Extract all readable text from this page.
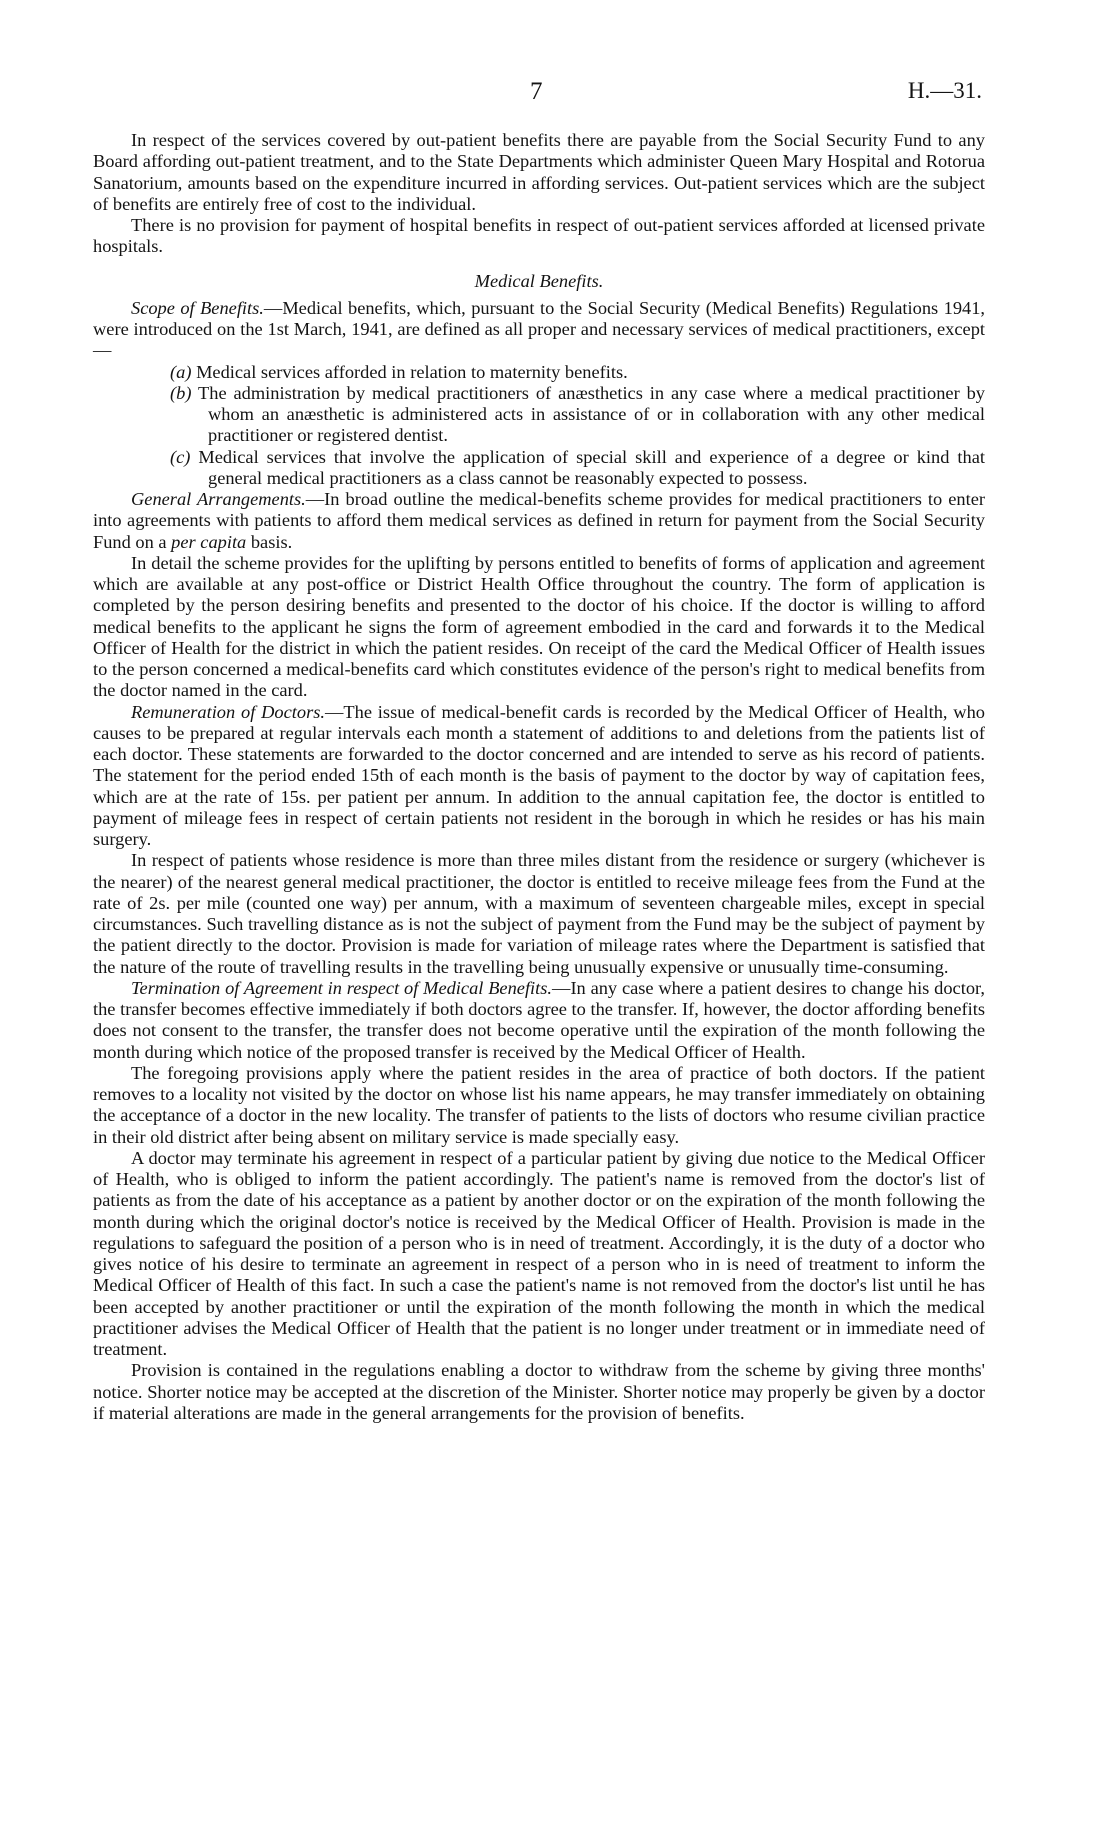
7	H.—31.

In respect of the services covered by out-patient benefits there are payable from the Social Security Fund to any Board affording out-patient treatment, and to the State Departments which administer Queen Mary Hospital and Rotorua Sanatorium, amounts based on the expenditure incurred in affording services. Out-patient services which are the subject of benefits are entirely free of cost to the individual.

There is no provision for payment of hospital benefits in respect of out-patient services afforded at licensed private hospitals.

Medical Benefits.

Scope of Benefits.—Medical benefits, which, pursuant to the Social Security (Medical Benefits) Regulations 1941, were introduced on the 1st March, 1941, are defined as all proper and necessary services of medical practitioners, except—

(a) Medical services afforded in relation to maternity benefits.

(b) The administration by medical practitioners of anæsthetics in any case where a medical practitioner by whom an anæsthetic is administered acts in assistance of or in collaboration with any other medical practitioner or registered dentist.

(c) Medical services that involve the application of special skill and experience of a degree or kind that general medical practitioners as a class cannot be reasonably expected to possess.

General Arrangements.—In broad outline the medical-benefits scheme provides for medical practitioners to enter into agreements with patients to afford them medical services as defined in return for payment from the Social Security Fund on a per capita basis.

In detail the scheme provides for the uplifting by persons entitled to benefits of forms of application and agreement which are available at any post-office or District Health Office throughout the country. The form of application is completed by the person desiring benefits and presented to the doctor of his choice. If the doctor is willing to afford medical benefits to the applicant he signs the form of agreement embodied in the card and forwards it to the Medical Officer of Health for the district in which the patient resides. On receipt of the card the Medical Officer of Health issues to the person concerned a medical-benefits card which constitutes evidence of the person's right to medical benefits from the doctor named in the card.

Remuneration of Doctors.—The issue of medical-benefit cards is recorded by the Medical Officer of Health, who causes to be prepared at regular intervals each month a statement of additions to and deletions from the patients list of each doctor. These statements are forwarded to the doctor concerned and are intended to serve as his record of patients. The statement for the period ended 15th of each month is the basis of payment to the doctor by way of capitation fees, which are at the rate of 15s. per patient per annum. In addition to the annual capitation fee, the doctor is entitled to payment of mileage fees in respect of certain patients not resident in the borough in which he resides or has his main surgery.

In respect of patients whose residence is more than three miles distant from the residence or surgery (whichever is the nearer) of the nearest general medical practitioner, the doctor is entitled to receive mileage fees from the Fund at the rate of 2s. per mile (counted one way) per annum, with a maximum of seventeen chargeable miles, except in special circumstances. Such travelling distance as is not the subject of payment from the Fund may be the subject of payment by the patient directly to the doctor. Provision is made for variation of mileage rates where the Department is satisfied that the nature of the route of travelling results in the travelling being unusually expensive or unusually time-consuming.

Termination of Agreement in respect of Medical Benefits.—In any case where a patient desires to change his doctor, the transfer becomes effective immediately if both doctors agree to the transfer. If, however, the doctor affording benefits does not consent to the transfer, the transfer does not become operative until the expiration of the month following the month during which notice of the proposed transfer is received by the Medical Officer of Health.

The foregoing provisions apply where the patient resides in the area of practice of both doctors. If the patient removes to a locality not visited by the doctor on whose list his name appears, he may transfer immediately on obtaining the acceptance of a doctor in the new locality. The transfer of patients to the lists of doctors who resume civilian practice in their old district after being absent on military service is made specially easy.

A doctor may terminate his agreement in respect of a particular patient by giving due notice to the Medical Officer of Health, who is obliged to inform the patient accordingly. The patient's name is removed from the doctor's list of patients as from the date of his acceptance as a patient by another doctor or on the expiration of the month following the month during which the original doctor's notice is received by the Medical Officer of Health. Provision is made in the regulations to safeguard the position of a person who is in need of treatment. Accordingly, it is the duty of a doctor who gives notice of his desire to terminate an agreement in respect of a person who in is need of treatment to inform the Medical Officer of Health of this fact. In such a case the patient's name is not removed from the doctor's list until he has been accepted by another practitioner or until the expiration of the month following the month in which the medical practitioner advises the Medical Officer of Health that the patient is no longer under treatment or in immediate need of treatment.

Provision is contained in the regulations enabling a doctor to withdraw from the scheme by giving three months' notice. Shorter notice may be accepted at the discretion of the Minister. Shorter notice may properly be given by a doctor if material alterations are made in the general arrangements for the provision of benefits.
